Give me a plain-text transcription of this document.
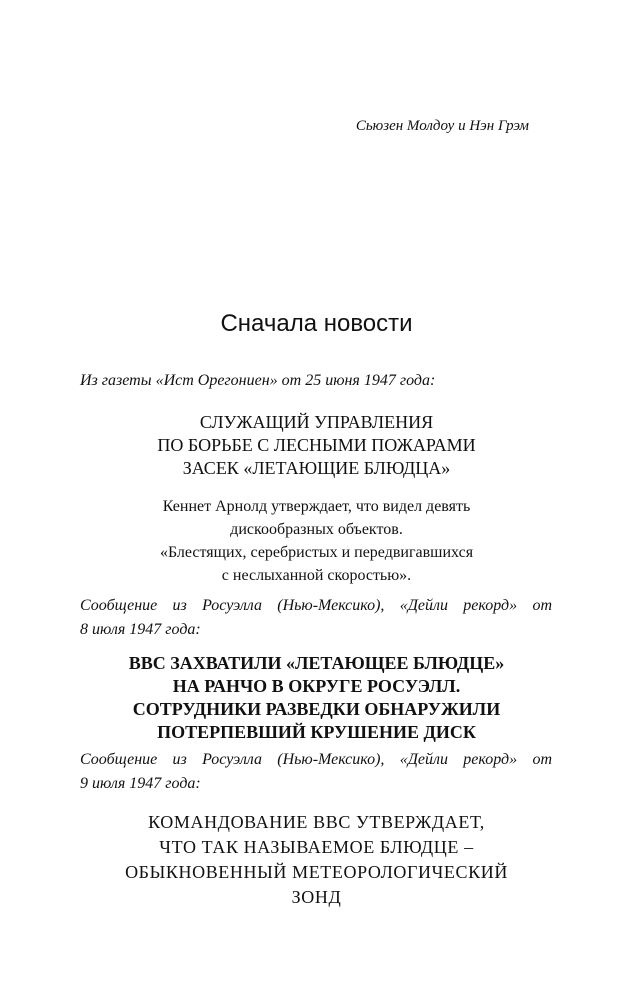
Сьюзен Молдоу и Нэн Грэм
Сначала новости
Из газеты «Ист Орегониен» от 25 июня 1947 года:
СЛУЖАЩИЙ УПРАВЛЕНИЯ
ПО БОРЬБЕ С ЛЕСНЫМИ ПОЖАРАМИ
ЗАСЕК «ЛЕТАЮЩИЕ БЛЮДЦА»
Кеннет Арнолд утверждает, что видел девять
дискообразных объектов.
«Блестящих, серебристых и передвигавшихся
с неслыханной скоростью».
Сообщение из Росуэлла (Нью-Мексико), «Дейли рекорд» от
8 июля 1947 года:
ВВС ЗАХВАТИЛИ «ЛЕТАЮЩЕЕ БЛЮДЦЕ»
НА РАНЧО В ОКРУГЕ РОСУЭЛЛ.
СОТРУДНИКИ РАЗВЕДКИ ОБНАРУЖИЛИ
ПОТЕРПЕВШИЙ КРУШЕНИЕ ДИСК
Сообщение из Росуэлла (Нью-Мексико), «Дейли рекорд» от
9 июля 1947 года:
КОМАНДОВАНИЕ ВВС УТВЕРЖДАЕТ,
ЧТО ТАК НАЗЫВАЕМОЕ БЛЮДЦЕ –
ОБЫКНОВЕННЫЙ МЕТЕОРОЛОГИЧЕСКИЙ
ЗОНД
